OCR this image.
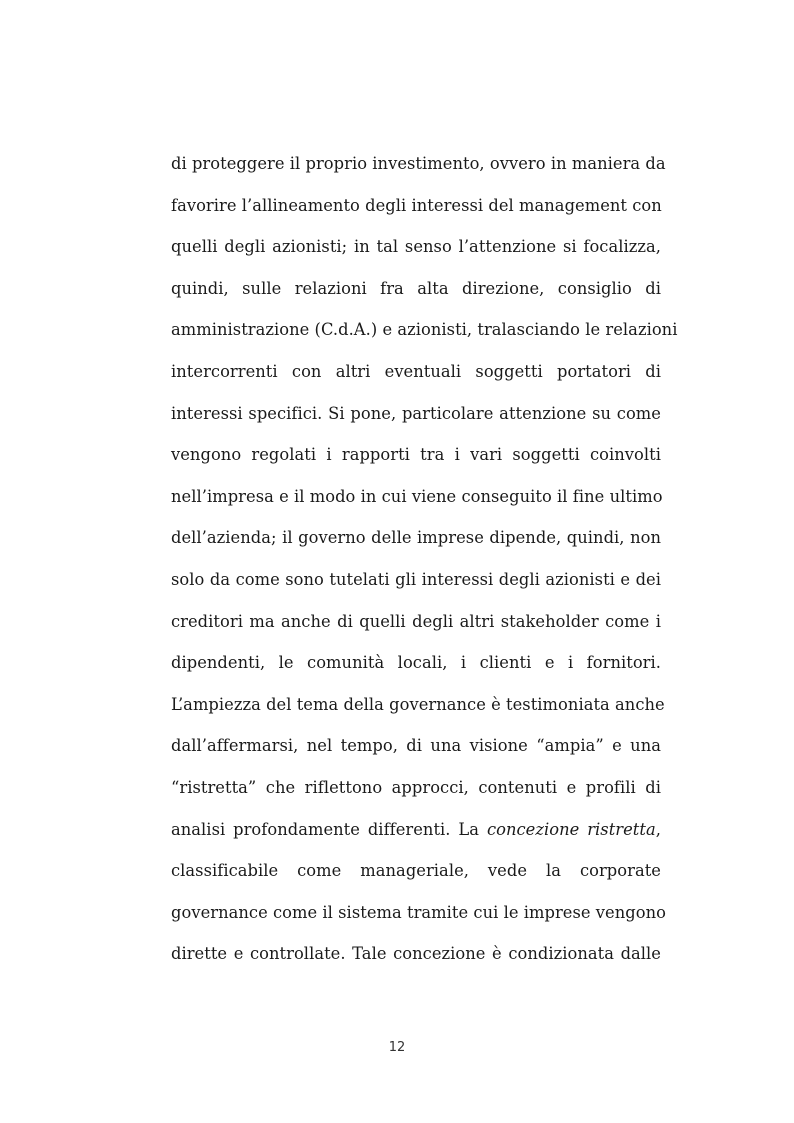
di proteggere il proprio investimento, ovvero in maniera da
favorire l’allineamento degli interessi del management con
quelli degli azionisti; in tal senso l’attenzione si focalizza,
quindi, sulle relazioni fra alta direzione, consiglio di
amministrazione (C.d.A.) e azionisti, tralasciando le relazioni
intercorrenti con altri eventuali soggetti portatori di
interessi specifici. Si pone, particolare attenzione su come
vengono regolati i rapporti tra i vari soggetti coinvolti
nell’impresa e il modo in cui viene conseguito il fine ultimo
dell’azienda; il governo delle imprese dipende, quindi, non
solo da come sono tutelati gli interessi degli azionisti e dei
creditori ma anche di quelli degli altri stakeholder come i
dipendenti, le comunità locali, i clienti e i fornitori.
L’ampiezza del tema della governance è testimoniata anche
dall’affermarsi, nel tempo, di una visione “ampia” e una
“ristretta” che riflettono approcci, contenuti e profili di
analisi profondamente differenti. La concezione ristretta,
classificabile come manageriale, vede la corporate
governance come il sistema tramite cui le imprese vengono
dirette e controllate. Tale concezione è condizionata dalle
12
